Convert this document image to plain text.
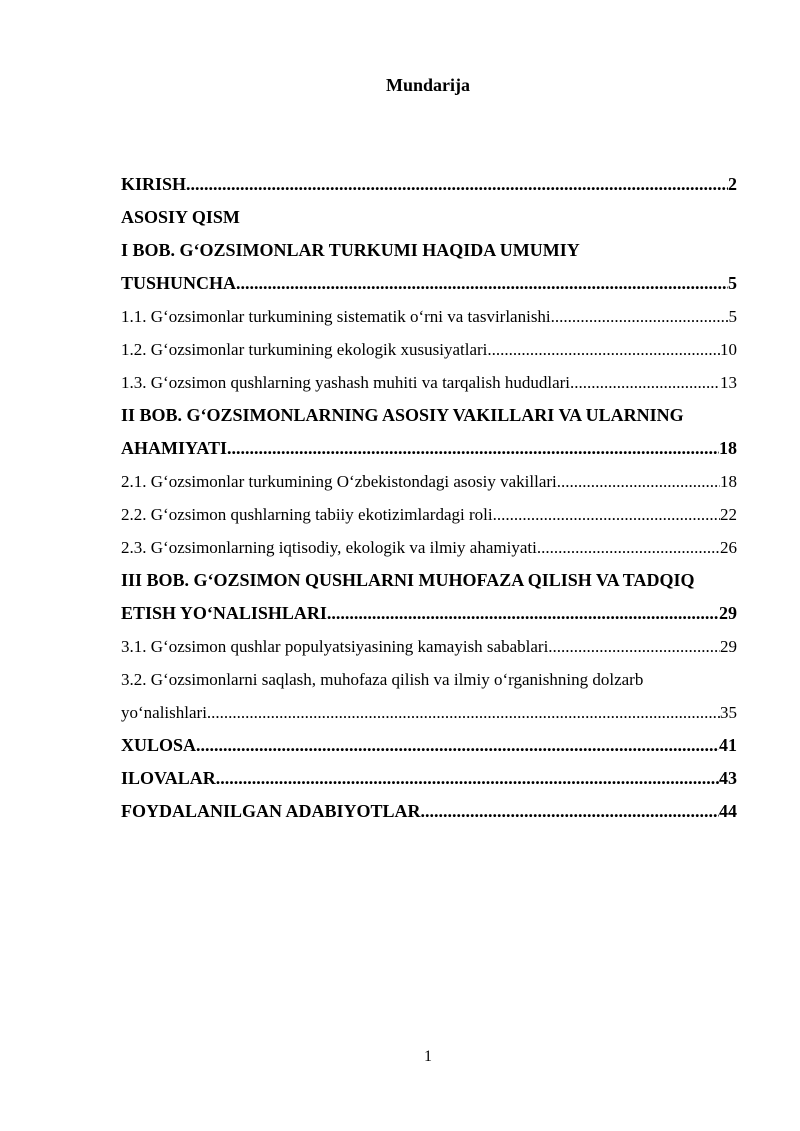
Mundarija
KIRISH .....	2
ASOSIY QISM
I BOB. G‘OZSIMONLAR TURKUMI HAQIDA UMUMIY
TUSHUNCHA .....	5
1.1. G‘ozsimonlar turkumining sistematik o‘rni va tasvirlanishi .....	5
1.2. G‘ozsimonlar turkumining ekologik xususiyatlari .....	10
1.3. G‘ozsimon qushlarning yashash muhiti va tarqalish hududlari .....	13
II BOB. G‘OZSIMONLARNING ASOSIY VAKILLARI VA ULARNING
AHAMIYATI .....	18
2.1. G‘ozsimonlar turkumining O‘zbekistondagi asosiy vakillari .....	18
2.2. G‘ozsimon qushlarning tabiiy ekotizimlardagi roli .....	22
2.3. G‘ozsimonlarning iqtisodiy, ekologik va ilmiy ahamiyati .....	26
III BOB. G‘OZSIMON QUSHLARNI MUHOFAZA QILISH VA TADQIQ
ETISH YO‘NALISHLARI .....	29
3.1. G‘ozsimon qushlar populyatsiyasining kamayish sabablari .....	29
3.2. G‘ozsimonlarni saqlash, muhofaza qilish va ilmiy o‘rganishning dolzarb
yo‘nalishlari .....	35
XULOSA .....	41
ILOVALAR .....	43
FOYDALANILGAN ADABIYOTLAR .....	44
1
